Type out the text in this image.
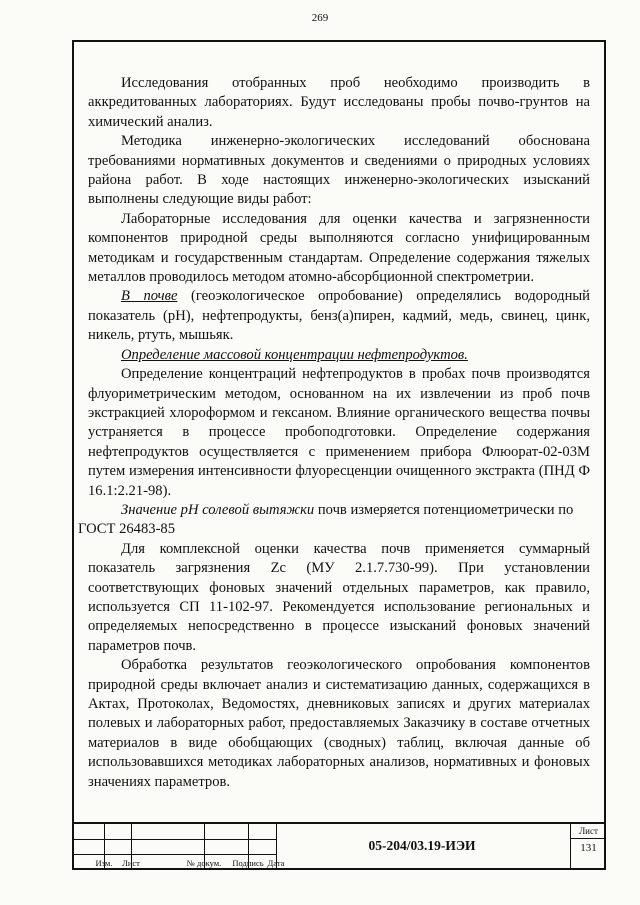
269

Исследования отобранных проб необходимо производить в аккредитованных лабораториях. Будут исследованы пробы почво-грунтов на химический анализ.

Методика инженерно-экологических исследований обоснована требованиями нормативных документов и сведениями о природных условиях района работ. В ходе настоящих инженерно-экологических изысканий выполнены следующие виды работ:

Лабораторные исследования для оценки качества и загрязненности компонентов природной среды выполняются согласно унифицированным методикам и государственным стандартам. Определение содержания тяжелых металлов проводилось методом атомно-абсорбционной спектрометрии.

В почве (геоэкологическое опробование) определялись водородный показатель (рН), нефтепродукты, бенз(а)пирен, кадмий, медь, свинец, цинк, никель, ртуть, мышьяк.

Определение массовой концентрации нефтепродуктов.

Определение концентраций нефтепродуктов в пробах почв производятся флуориметрическим методом, основанном на их извлечении из проб почв экстракцией хлороформом и гексаном. Влияние органического вещества почвы устраняется в процессе пробоподготовки. Определение содержания нефтепродуктов осуществляется с применением прибора Флюорат-02-03М путем измерения интенсивности флуоресценции очищенного экстракта (ПНД Ф 16.1:2.21-98).

Значение рН солевой вытяжки почв измеряется потенциометрически по

ГОСТ 26483-85

Для комплексной оценки качества почв применяется суммарный показатель загрязнения Zc (МУ 2.1.7.730-99). При установлении соответствующих фоновых значений отдельных параметров, как правило, используется СП 11-102-97. Рекомендуется использование региональных и определяемых непосредственно в процессе изысканий фоновых значений параметров почв.

Обработка результатов геоэкологического опробования компонентов природной среды включает анализ и систематизацию данных, содержащихся в Актах, Протоколах, Ведомостях, дневниковых записях и других материалах полевых и лабораторных работ, предоставляемых Заказчику в составе отчетных материалов в виде обобщающих (сводных) таблиц, включая данные об использовавшихся методиках лабораторных анализов, нормативных и фоновых значениях параметров.

Изм.	Лист	№ докум.	Подпись Дата
05-204/03.19-ИЭИ
Лист
131
